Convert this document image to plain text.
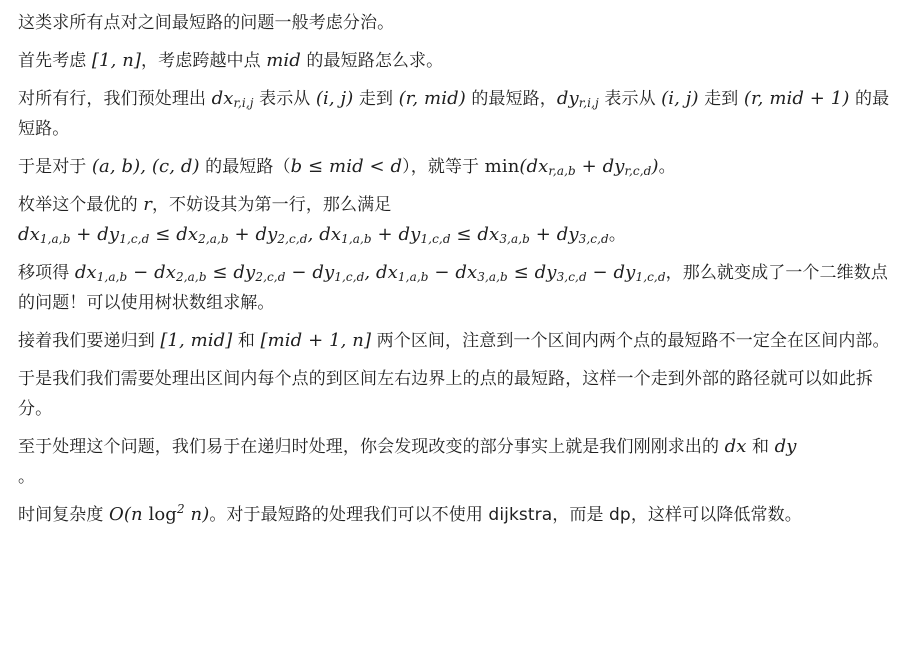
这类求所有点对之间最短路的问题一般考虑分治。

首先考虑 [1, n]，考虑跨越中点 mid 的最短路怎么求。

对所有行，我们预处理出 $dx_{r,i,j}$ 表示从 (i, j) 走到 (r, mid) 的最短路，$dy_{r,i,j}$ 表示从 (i, j) 走到 (r, mid + 1) 的最短路。

于是对于 (a, b), (c, d) 的最短路（b ≤ mid < d），就等于 $\min(dx_{r,a,b} + dy_{r,c,d})$。

枚举这个最优的 r，不妨设其为第一行，那么满足
$dx_{1,a,b} + dy_{1,c,d} \le dx_{2,a,b} + dy_{2,c,d}$, $dx_{1,a,b} + dy_{1,c,d} \le dx_{3,a,b} + dy_{3,c,d}$。

移项得 $dx_{1,a,b} - dx_{2,a,b} \le dy_{2,c,d} - dy_{1,c,d}$, $dx_{1,a,b} - dx_{3,a,b} \le dy_{3,c,d} - dy_{1,c,d}$，那么就变成了一个二维数点的问题！可以使用树状数组求解。

接着我们要递归到 [1, mid] 和 [mid + 1, n] 两个区间，注意到一个区间内两个点的最短路不一定全在区间内部。

于是我们我们需要处理出区间内每个点的到区间左右边界上的点的最短路，这样一个走到外部的路径就可以如此拆分。

至于处理这个问题，我们易于在递归时处理，你会发现改变的部分事实上就是我们刚刚求出的 dx 和 dy
。

时间复杂度 O(n $\log^2 n$)。对于最短路的处理我们可以不使用 dijkstra，而是 dp，这样可以降低常数。
